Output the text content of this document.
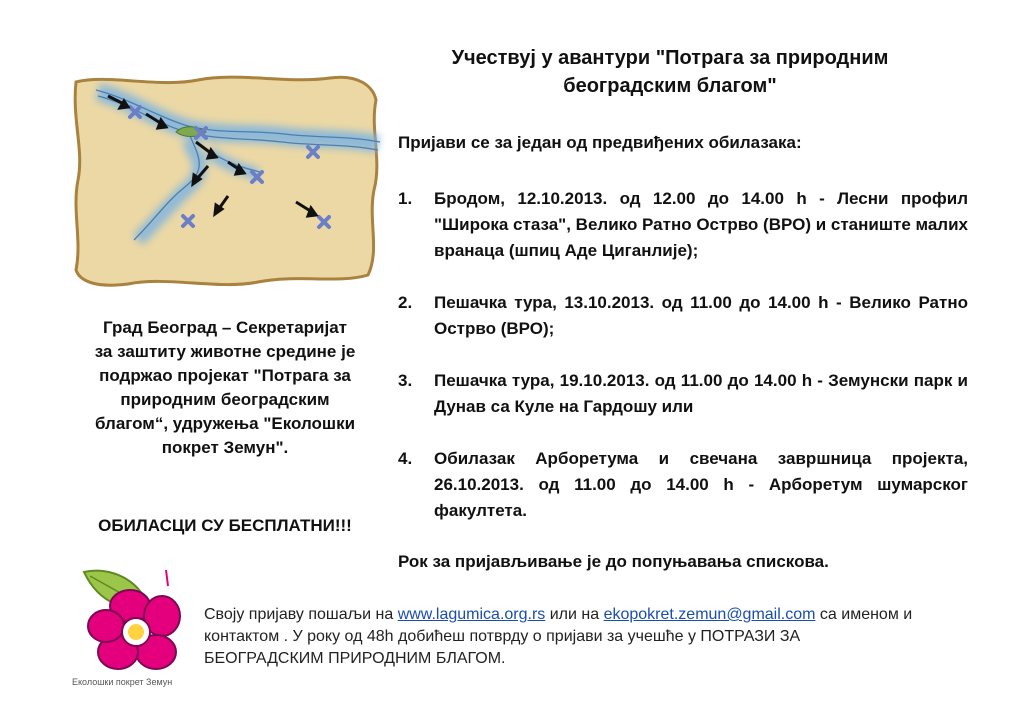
Град Београд – Секретаријат

за заштиту животне средине је

подржао пројекат "Потрага за

природним београдским

благом“, удружења "Еколошки

покрет Земун".

ОБИЛАСЦИ СУ БЕСПЛАТНИ!!!
Учествуј у авантури "Потрага за природним
београдским благом"
Пријави се за један од предвиђених обилазака:
1. Бродом, 12.10.2013. од 12.00 до 14.00 h - Лесни профил "Широка стаза", Велико Ратно Острво (ВРО) и станиште малих вранаца (шпиц Аде Циганлије);
2. Пешачка тура, 13.10.2013. од 11.00 до 14.00 h - Велико Ратно Острво (ВРО);
3. Пешачка тура, 19.10.2013. од 11.00 до 14.00 h - Земунски парк и Дунав са Куле на Гардошу или
4. Обилазак Арборетума и свечана завршница пројекта, 26.10.2013. од 11.00 до 14.00 h - Арборетум шумарског факултета.
Рок за пријављивање је до попуњавања спискова.
Еколошки покрет Земун
Своју пријаву пошаљи на www.lagumica.org.rs или на ekopokret.zemun@gmail.com са именом и контактом . У року од 48h добићеш потврду о пријави за учешће у ПОТРАЗИ ЗА БЕОГРАДСКИМ ПРИРОДНИМ БЛАГОМ.
